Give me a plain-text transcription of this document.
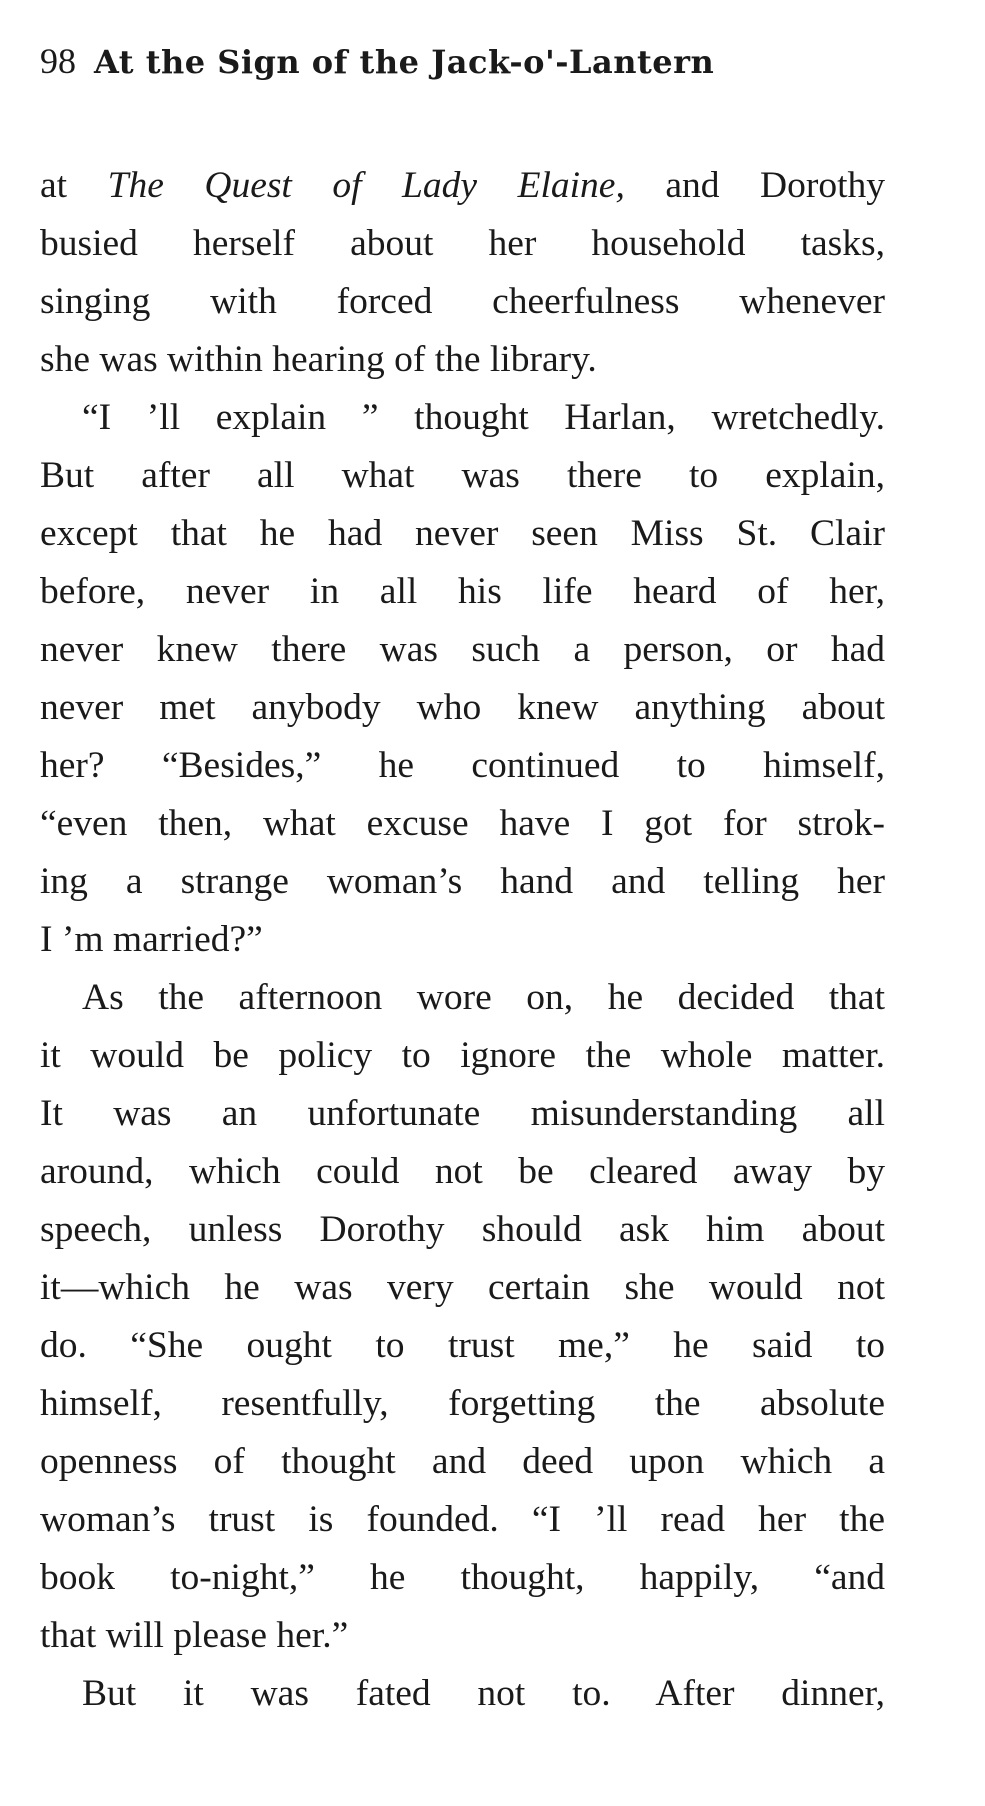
98 At the Sign of the Jack-o'-Lantern
at The Quest of Lady Elaine, and Dorothy
busied herself about her household tasks,
singing with forced cheerfulness whenever
she was within hearing of the library.
“I ’ll explain ” thought Harlan, wretchedly.
But after all what was there to explain,
except that he had never seen Miss St. Clair
before, never in all his life heard of her,
never knew there was such a person, or had
never met anybody who knew anything about
her? “Besides,” he continued to himself,
“even then, what excuse have I got for strok-
ing a strange woman’s hand and telling her
I ’m married?”
As the afternoon wore on, he decided that
it would be policy to ignore the whole matter.
It was an unfortunate misunderstanding all
around, which could not be cleared away by
speech, unless Dorothy should ask him about
it—which he was very certain she would not
do. “She ought to trust me,” he said to
himself, resentfully, forgetting the absolute
openness of thought and deed upon which a
woman’s trust is founded. “I ’ll read her the
book to-night,” he thought, happily, “and
that will please her.”
But it was fated not to. After dinner,
